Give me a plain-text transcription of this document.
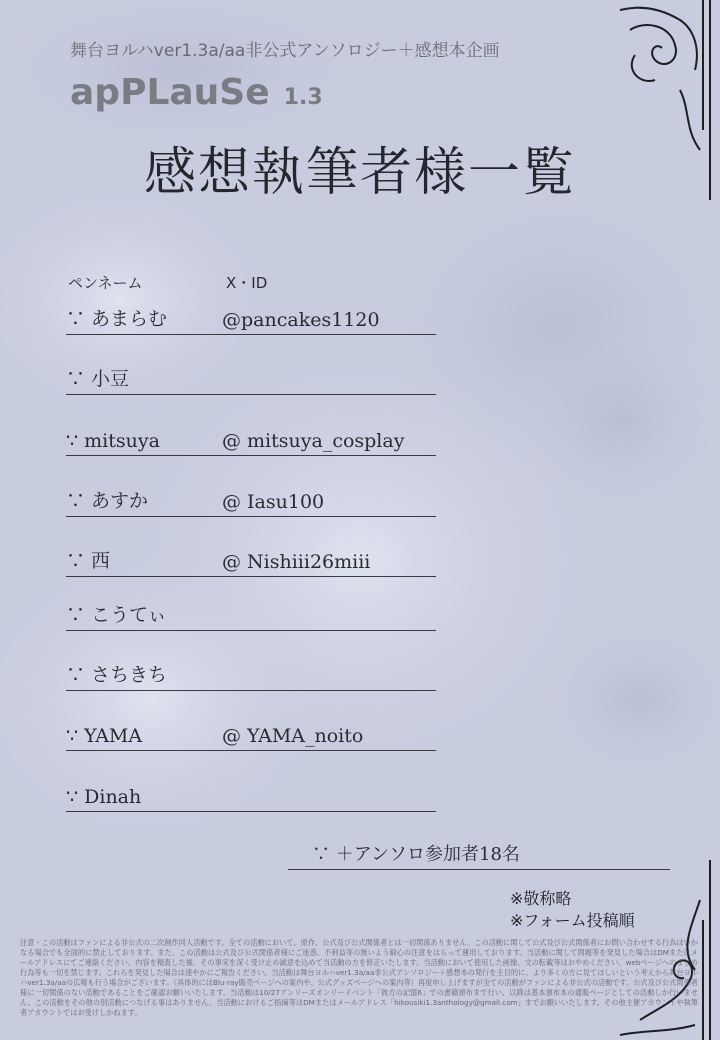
舞台ヨルハver1.3a/aa非公式アンソロジー＋感想本企画
apPLauSe 1.3
感想執筆者様一覧
ペンネーム	X・ID
∵ あまらむ	@pancakes1120
∵ 小豆
∵ mitsuya	@ mitsuya_cosplay
∵ あすか	@ Iasu100
∵ 西	@ Nishiii26miii
∵ こうてぃ
∵ さちきち
∵ YAMA	@ YAMA_noito
∵ Dinah
∵ ＋アンソロ参加者18名
※敬称略
※フォーム投稿順
注意・この活動はファンによる非公式の二次創作同人活動です。全ての活動において、原作、公式及び公式関係者とは一切関係ありません。この活動に関して公式及び公式関係者にお問い合わせする行為はいかなる場合でも全面的に禁止しております。また、この活動は公式及び公式関係者様にご迷惑、不利益等の無いよう細心の注意をはらって運用しております。当活動に関して問題等を発見した場合はDMまたはメールアドレスにてご連絡ください。内容を精査した後、その事実を深く受け止め誠意を込めて当活動の方を修正いたします。当活動において使用した画像、文の転載等はおやめください。webページへのまとめ行為等も一切を禁じます。これらを発見した場合は速やかにご報告ください。当活動は舞台ヨルハver1.3a/aa非公式アンソロジー＋感想本の発行を主目的に、より多くの方に見てほしいという考えから舞台ヨルハver1.3a/aaの広報も行う場合がございます。（具体的にはBlu-ray販売ページへの案内や、公式グッズページへの案内等）再度申し上げますが全ての活動がファンによる非公式の活動です。公式及び公式関係者様に一切関係のない活動であることをご確認お願いいたします。当活動は10/27アンリーズオンリーイベント「彼方の記憶6」での書籍頒布まで行い、以降は基本頒布本の通販ページとしての活動しか行いません。この活動をその他の別活動につなげる事はありません。当活動におけるご指摘等はDMまたはメールアドレス「hikousiki1.3anthology@gmail.com」までお願いいたします。その他主催アカウントや執筆者アカウントではお受けしかねます。
